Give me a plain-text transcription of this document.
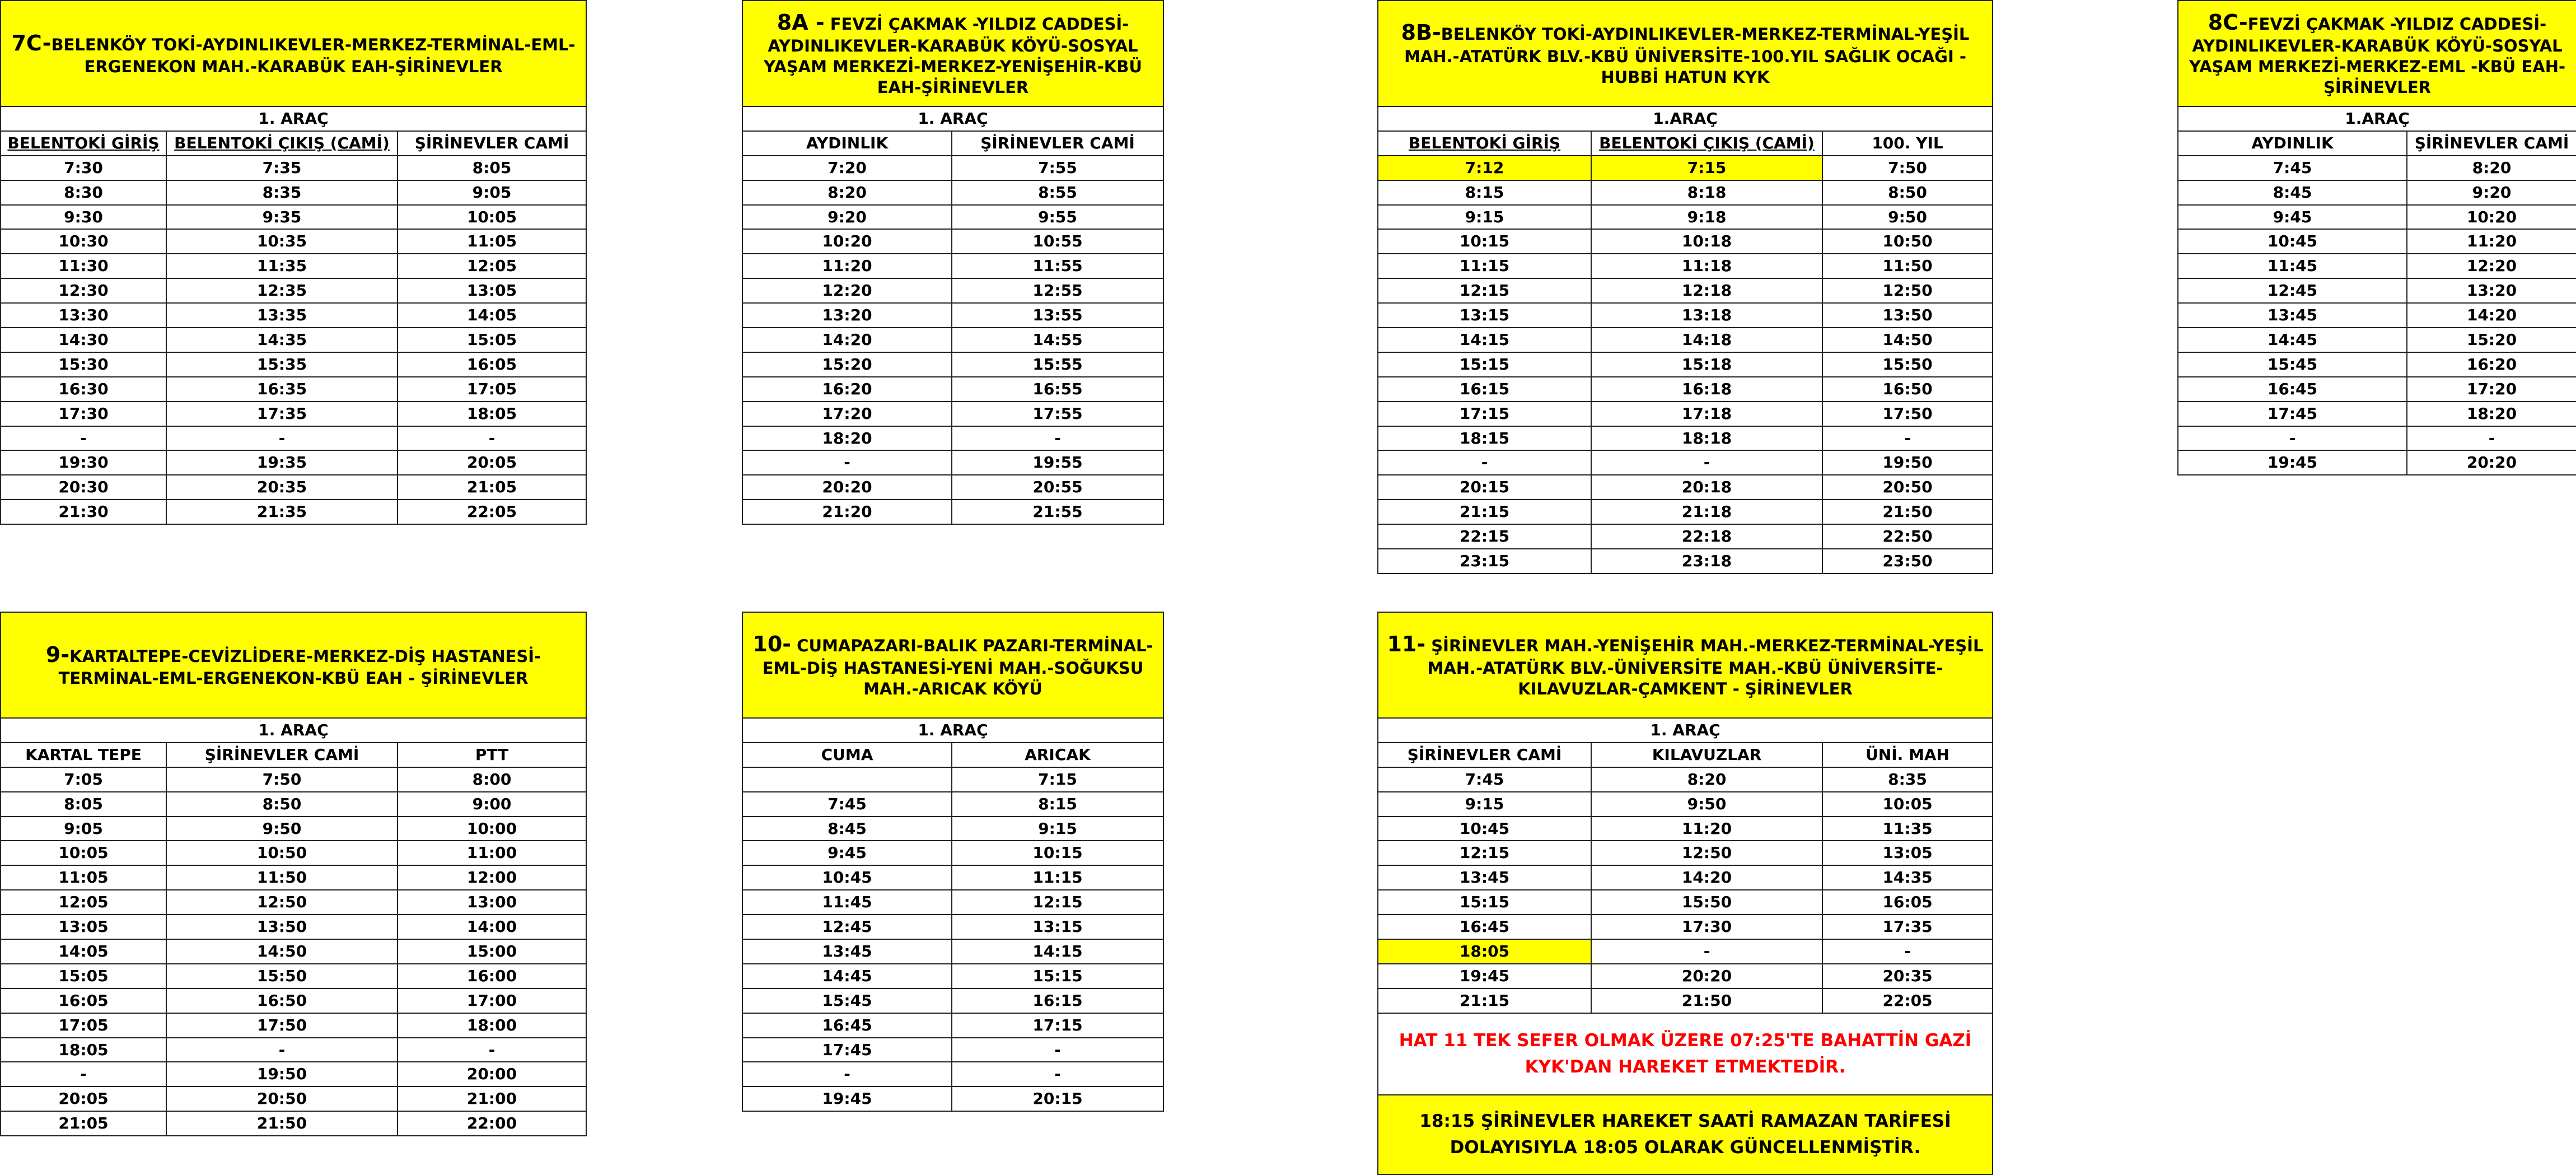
7C-BELENKÖY TOKİ-AYDINLIKEVLER-MERKEZ-TERMİNAL-EML-ERGENEKON MAH.-KARABÜK EAH-ŞİRİNEVLER		
1. ARAÇ		
BELENTOKİ GİRİŞ	BELENTOKİ ÇIKIŞ (CAMİ)	ŞİRİNEVLER CAMİ
7:30	7:35	8:05
8:30	8:35	9:05
9:30	9:35	10:05
10:30	10:35	11:05
11:30	11:35	12:05
12:30	12:35	13:05
13:30	13:35	14:05
14:30	14:35	15:05
15:30	15:35	16:05
16:30	16:35	17:05
17:30	17:35	18:05
-	-	-
19:30	19:35	20:05
20:30	20:35	21:05
21:30	21:35	22:05
8A - FEVZİ ÇAKMAK -YILDIZ CADDESİ-AYDINLIKEVLER-KARABÜK KÖYÜ-SOSYAL YAŞAM MERKEZİ-MERKEZ-YENİŞEHİR-KBÜ EAH-ŞİRİNEVLER	
1. ARAÇ	
AYDINLIK	ŞİRİNEVLER CAMİ
7:20	7:55
8:20	8:55
9:20	9:55
10:20	10:55
11:20	11:55
12:20	12:55
13:20	13:55
14:20	14:55
15:20	15:55
16:20	16:55
17:20	17:55
18:20	-
-	19:55
20:20	20:55
21:20	21:55
8B-BELENKÖY TOKİ-AYDINLIKEVLER-MERKEZ-TERMİNAL-YEŞİL MAH.-ATATÜRK BLV.-KBÜ ÜNİVERSİTE-100.YIL SAĞLIK OCAĞI - HUBBİ HATUN KYK		
1.ARAÇ		
BELENTOKİ GİRİŞ	BELENTOKİ ÇIKIŞ (CAMİ)	100. YIL
7:12	7:15	7:50
8:15	8:18	8:50
9:15	9:18	9:50
10:15	10:18	10:50
11:15	11:18	11:50
12:15	12:18	12:50
13:15	13:18	13:50
14:15	14:18	14:50
15:15	15:18	15:50
16:15	16:18	16:50
17:15	17:18	17:50
18:15	18:18	-
-	-	19:50
20:15	20:18	20:50
21:15	21:18	21:50
22:15	22:18	22:50
23:15	23:18	23:50
8C-FEVZİ ÇAKMAK -YILDIZ CADDESİ-AYDINLIKEVLER-KARABÜK KÖYÜ-SOSYAL YAŞAM MERKEZİ-MERKEZ-EML -KBÜ EAH-ŞİRİNEVLER	
1.ARAÇ	
AYDINLIK	ŞİRİNEVLER CAMİ
7:45	8:20
8:45	9:20
9:45	10:20
10:45	11:20
11:45	12:20
12:45	13:20
13:45	14:20
14:45	15:20
15:45	16:20
16:45	17:20
17:45	18:20
-	-
19:45	20:20
9-KARTALTEPE-CEVİZLİDERE-MERKEZ-DİŞ HASTANESİ-TERMİNAL-EML-ERGENEKON-KBÜ EAH - ŞİRİNEVLER		
1. ARAÇ		
KARTAL TEPE	ŞİRİNEVLER CAMİ	PTT
7:05	7:50	8:00
8:05	8:50	9:00
9:05	9:50	10:00
10:05	10:50	11:00
11:05	11:50	12:00
12:05	12:50	13:00
13:05	13:50	14:00
14:05	14:50	15:00
15:05	15:50	16:00
16:05	16:50	17:00
17:05	17:50	18:00
18:05	-	-
-	19:50	20:00
20:05	20:50	21:00
21:05	21:50	22:00
10- CUMAPAZARI-BALIK PAZARI-TERMİNAL-EML-DİŞ HASTANESİ-YENİ MAH.-SOĞUKSU MAH.-ARICAK KÖYÜ	
1. ARAÇ	
CUMA	ARICAK
	7:15
7:45	8:15
8:45	9:15
9:45	10:15
10:45	11:15
11:45	12:15
12:45	13:15
13:45	14:15
14:45	15:15
15:45	16:15
16:45	17:15
17:45	-
-	-
19:45	20:15
11- ŞİRİNEVLER MAH.-YENİŞEHİR MAH.-MERKEZ-TERMİNAL-YEŞİL MAH.-ATATÜRK BLV.-ÜNİVERSİTE MAH.-KBÜ ÜNİVERSİTE-KILAVUZLAR-ÇAMKENT - ŞİRİNEVLER		
1. ARAÇ		
ŞİRİNEVLER CAMİ	KILAVUZLAR	ÜNİ. MAH
7:45	8:20	8:35
9:15	9:50	10:05
10:45	11:20	11:35
12:15	12:50	13:05
13:45	14:20	14:35
15:15	15:50	16:05
16:45	17:30	17:35
18:05	-	-
19:45	20:20	20:35
21:15	21:50	22:05
HAT 11 TEK SEFER OLMAK ÜZERE 07:25'TE BAHATTİN GAZİ KYK'DAN HAREKET ETMEKTEDİR.		
18:15 ŞİRİNEVLER HAREKET SAATİ RAMAZAN TARİFESİ DOLAYISIYLA 18:05 OLARAK GÜNCELLENMİŞTİR.		
